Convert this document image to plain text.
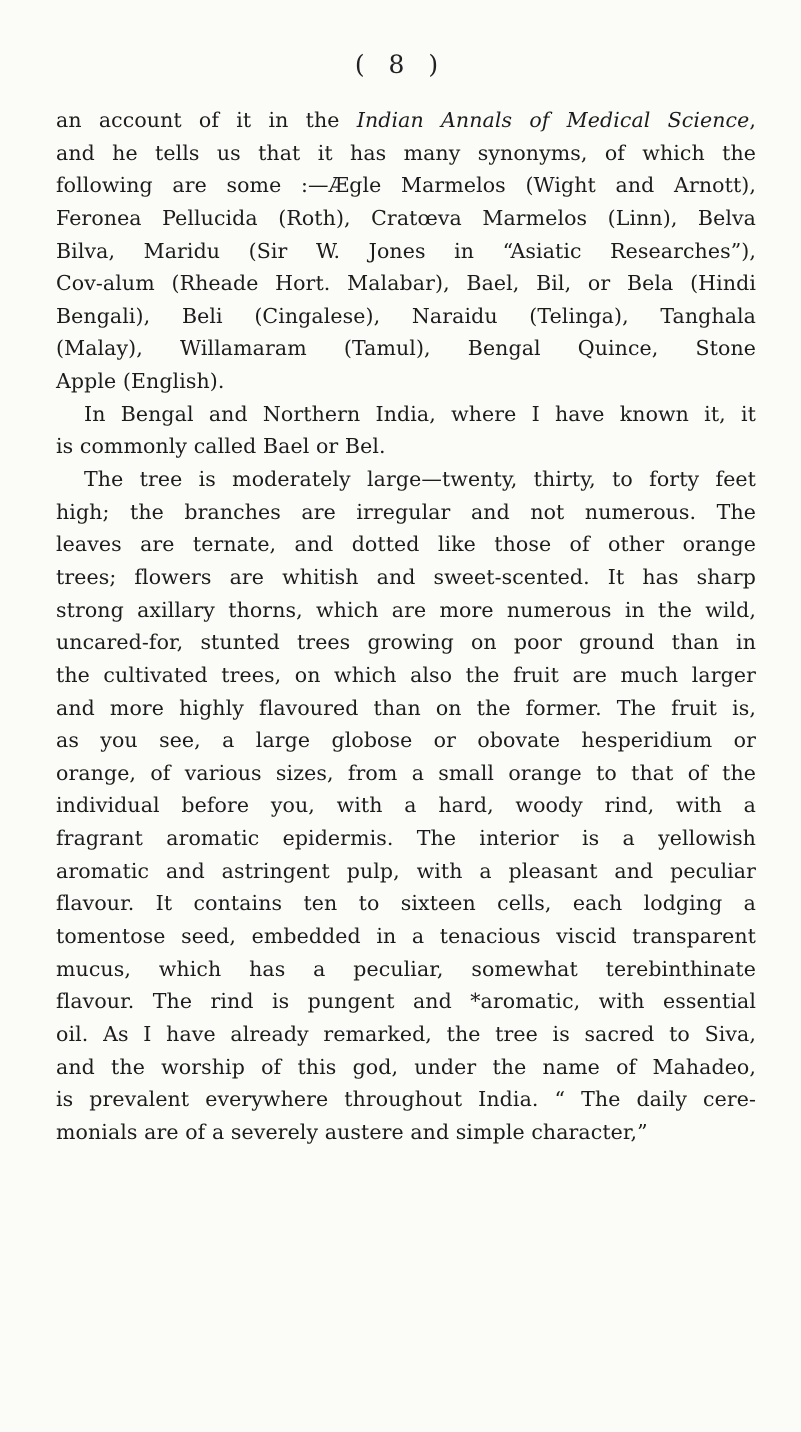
( 8 )
an account of it in the Indian Annals of Medical Science,
and he tells us that it has many synonyms, of which the
following are some :—Ægle Marmelos (Wight and Arnott),
Feronea Pellucida (Roth), Cratœva Marmelos (Linn), Belva
Bilva, Maridu (Sir W. Jones in “Asiatic Researches”),
Cov-alum (Rheade Hort. Malabar), Bael, Bil, or Bela (Hindi
Bengali), Beli (Cingalese), Naraidu (Telinga), Tanghala
(Malay), Willamaram (Tamul), Bengal Quince, Stone
Apple (English).
In Bengal and Northern India, where I have known it, it
is commonly called Bael or Bel.
The tree is moderately large—twenty, thirty, to forty feet
high; the branches are irregular and not numerous. The
leaves are ternate, and dotted like those of other orange
trees; flowers are whitish and sweet-scented. It has sharp
strong axillary thorns, which are more numerous in the wild,
uncared-for, stunted trees growing on poor ground than in
the cultivated trees, on which also the fruit are much larger
and more highly flavoured than on the former. The fruit is,
as you see, a large globose or obovate hesperidium or
orange, of various sizes, from a small orange to that of the
individual before you, with a hard, woody rind, with a
fragrant aromatic epidermis. The interior is a yellowish
aromatic and astringent pulp, with a pleasant and peculiar
flavour. It contains ten to sixteen cells, each lodging a
tomentose seed, embedded in a tenacious viscid transparent
mucus, which has a peculiar, somewhat terebinthinate
flavour. The rind is pungent and *aromatic, with essential
oil. As I have already remarked, the tree is sacred to Siva,
and the worship of this god, under the name of Mahadeo,
is prevalent everywhere throughout India. “ The daily cere-
monials are of a severely austere and simple character,”
